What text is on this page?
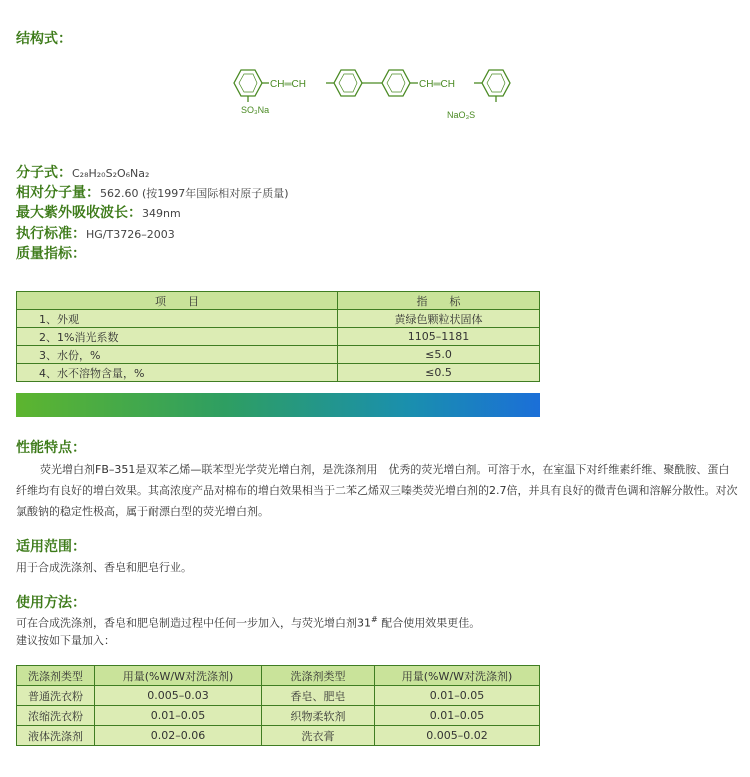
结构式：
CH═CH	CH═CH
SO₃Na	NaO₃S
分子式：C₂₈H₂₀S₂O₆Na₂
相对分子量：562.60 (按1997年国际相对原子质量)
最大紫外吸收波长：349nm
执行标准：HG/T3726–2003
质量指标：
项　　目	指　　标
1、外观	黄绿色颗粒状固体
2、1%消光系数	1105–1181
3、水份，%	≤5.0
4、水不溶物含量，%	≤0.5
性能特点：
荧光增白剂FB–351是双苯乙烯—联苯型光学荧光增白剂，是洗涤剂用　优秀的荧光增白剂。可溶于水，在室温下对纤维素纤维、聚酰胺、蛋白纤维均有良好的增白效果。其高浓度产品对棉布的增白效果相当于二苯乙烯双三嗪类荧光增白剂的2.7倍，并具有良好的微青色调和溶解分散性。对次氯酸钠的稳定性极高，属于耐漂白型的荧光增白剂。
适用范围：
用于合成洗涤剂、香皂和肥皂行业。
使用方法：
可在合成洗涤剂，香皂和肥皂制造过程中任何一步加入，与荧光增白剂31# 配合使用效果更佳。
建议按如下量加入：
洗涤剂类型	用量(%W/W对洗涤剂)	洗涤剂类型	用量(%W/W对洗涤剂)
普通洗衣粉	0.005–0.03	香皂、肥皂	0.01–0.05
浓缩洗衣粉	0.01–0.05	织物柔软剂	0.01–0.05
液体洗涤剂	0.02–0.06	洗衣膏	0.005–0.02
